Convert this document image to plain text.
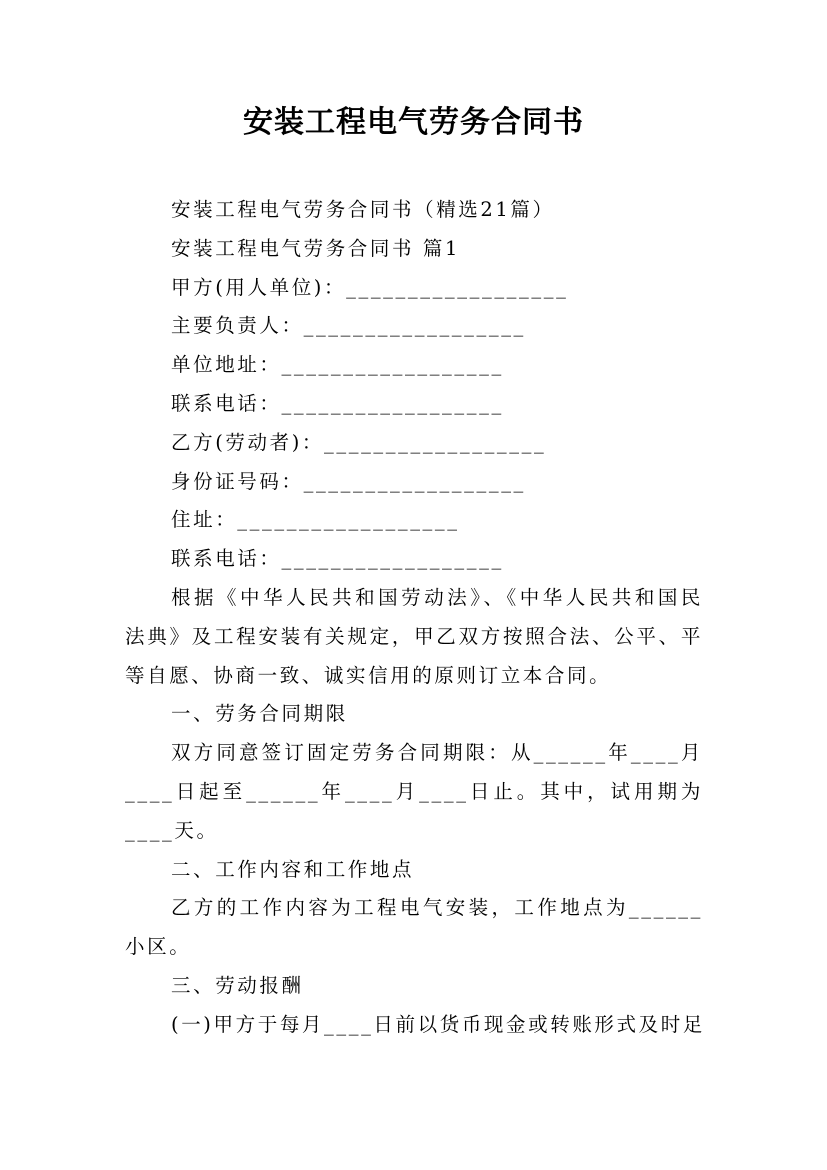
安装工程电气劳务合同书
安装工程电气劳务合同书（精选21篇）
安装工程电气劳务合同书 篇1
甲方(用人单位)：__________________
主要负责人：__________________
单位地址：__________________
联系电话：__________________
乙方(劳动者)：__________________
身份证号码：__________________
住址：__________________
联系电话：__________________
根据《中华人民共和国劳动法》、《中华人民共和国民法典》及工程安装有关规定，甲乙双方按照合法、公平、平等自愿、协商一致、诚实信用的原则订立本合同。
一、劳务合同期限
双方同意签订固定劳务合同期限：从______年____月____日起至______年____月____日止。其中，试用期为____天。
二、工作内容和工作地点
乙方的工作内容为工程电气安装，工作地点为______小区。
三、劳动报酬
(一)甲方于每月____日前以货币现金或转账形式及时足
